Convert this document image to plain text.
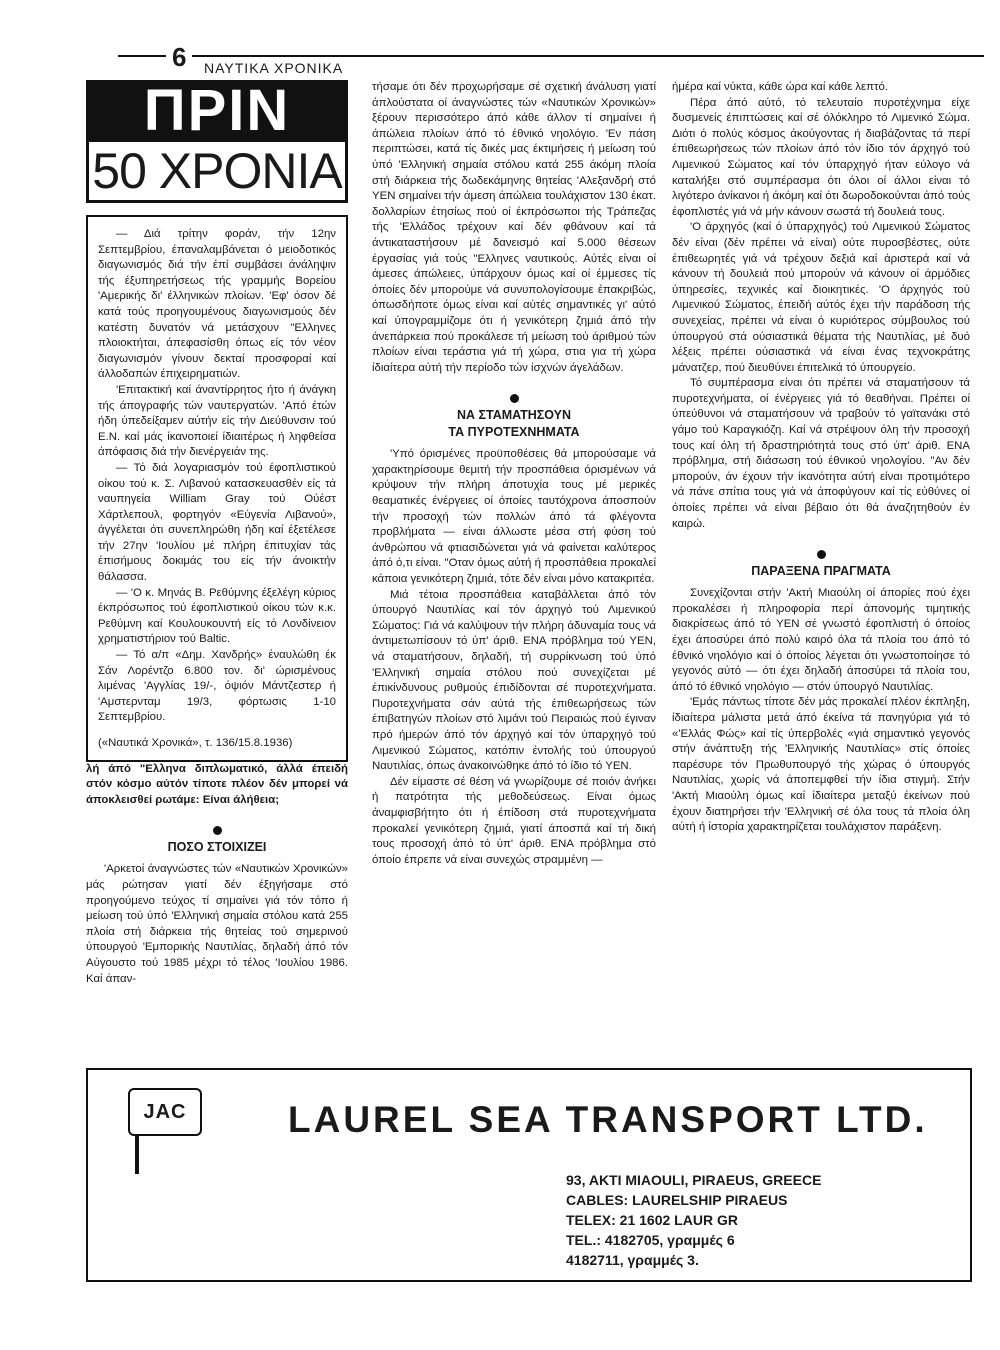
6 ΝΑΥΤΙΚΑ ΧΡΟΝΙΚΑ
ΠΡΙΝ
50 ΧΡΟΝΙΑ

— Διά τρίτην φοράν, τήν 12ην Σεπτεμβρίου, έπαναλαμβάνεται ό μειοδοτικός διαγωνισμός διά τήν έπί συμβάσει άνάληψιν τής έξυπηρετήσεως τής γραμμής Βορείου 'Αμερικής δι' έλληνικών πλοίων. 'Εφ' όσον δέ κατά τούς προηγουμένους διαγωνισμούς δέν κατέστη δυνατόν νά μετάσχουν "Ελληνες πλοιοκτήται, άπεφασίσθη όπως είς τόν νέον διαγωνισμόν γίνουν δεκταί προσφοραί καί άλλοδαπών έπιχειρηματιών.

'Επιτακτική καί άναντίρρητος ήτο ή άνάγκη τής άπογραφής τών ναυτεργατών. 'Από έτών ήδη ύπεδείξαμεν αύτήν είς τήν Διεύθυνσιν τού Ε.Ν. καί μάς ίκανοποιεί ίδιαιτέρως ή ληφθείσα άπόφασις διά τήν διενέργειάν της.

— Τό διά λογαριασμόν τού έφοπλιστικού οίκου τού κ. Σ. Λιβανού κατασκευασθέν είς τά ναυπηγεία William Gray τού Ούέστ Χάρτλεπουλ, φορτηγόν «Εύγενία Λιβανού», άγγέλεται ότι συνεπληρώθη ήδη καί έξετέλεσε τήν 27ην 'Ιουλίου μέ πλήρη έπιτυχίαν τάς έπισήμους δοκιμάς του είς τήν άνοικτήν θάλασσα.

— 'Ο κ. Μηνάς Β. Ρεθύμνης έξελέγη κύριος έκπρόσωπος τού έφοπλιστικού οίκου τών κ.κ. Ρεθύμνη καί Κουλουκουντή είς τό Λονδίνειον χρηματιστήριον τού Baltic.

— Τό α/π «Δημ. Χανδρής» έναυλώθη έκ Σάν Λορέντζο 6.800 τον. δι' ώρισμένους λιμένας 'Αγγλίας 19/-, όψιόν Μάντζεστερ ή 'Αμστερνταμ 19/3, φόρτωσις 1-10 Σεπτεμβρίου.

(«Ναυτικά Χρονικά», τ. 136/15.8.1936)

λή άπό "Ελληνα διπλωματικό, άλλά έπειδή στόν κόσμο αύτόν τίποτε πλέον δέν μπορεί νά άποκλεισθεί ρωτάμε: Είναι άλήθεια;

ΠΟΣΟ ΣΤΟΙΧΙΖΕΙ

'Αρκετοί άναγνώστες τών «Ναυτικών Χρονικών» μάς ρώτησαν γιατί δέν έξηγήσαμε στό προηγούμενο τεύχος τί σημαίνει γιά τόν τόπο ή μείωση τού ύπό 'Ελληνική σημαία στόλου κατά 255 πλοία στή διάρκεια τής θητείας τού σημερινού ύπουργού 'Εμπορικής Ναυτιλίας, δηλαδή άπό τόν Αύγουστο τού 1985 μέχρι τό τέλος 'Ιουλίου 1986. Καί άπαν-

τήσαμε ότι δέν προχωρήσαμε σέ σχετική άνάλυση γιατί άπλούστατα οί άναγνώστες τών «Ναυτικών Χρονικών» ξέρουν περισσότερο άπό κάθε άλλον τί σημαίνει ή άπώλεια πλοίων άπό τό έθνικό νηολόγιο. 'Εν πάση περιπτώσει, κατά τίς δικές μας έκτιμήσεις ή μείωση τού ύπό 'Ελληνική σημαία στόλου κατά 255 άκόμη πλοία στή διάρκεια τής δωδεκάμηνης θητείας 'Αλεξανδρή στό ΥΕΝ σημαίνει τήν άμεση άπώλεια τουλάχιστον 130 έκατ. δολλαρίων έτησίως πού οί έκπρόσωποι τής Τράπεζας τής 'Ελλάδος τρέχουν καί δέν φθάνουν καί τά άντικαταστήσουν μέ δανεισμό καί 5.000 θέσεων έργασίας γιά τούς "Ελληνες ναυτικούς. Αύτές είναι οί άμεσες άπώλειες, ύπάρχουν όμως καί οί έμμεσες τίς όποίες δέν μπορούμε νά συνυπολογίσουμε έπακριβώς, όπωσδήποτε όμως είναι καί αύτές σημαντικές γι' αύτό καί ύπογραμμίζομε ότι ή γενικότερη ζημιά άπό τήν άνεπάρκεια πού προκάλεσε τή μείωση τού άριθμού τών πλοίων είναι τεράστια γιά τή χώρα, στια για τή χώρα ίδιαίτερα αύτή τήν περίοδο τών ίσχνών άγελάδων.

ΝΑ ΣΤΑΜΑΤΗΣΟΥΝ
ΤΑ ΠΥΡΟΤΕΧΝΗΜΑΤΑ

'Υπό όρισμένες προϋποθέσεις θά μπορούσαμε νά χαρακτηρίσουμε θεμιτή τήν προσπάθεια όρισμένων νά κρύψουν τήν πλήρη άποτυχία τους μέ μερικές θεαματικές ένέργειες οί όποίες ταυτόχρονα άποσπούν τήν προσοχή τών πολλών άπό τά φλέγοντα προβλήματα — είναι άλλωστε μέσα στή φύση τού άνθρώπου νά φτιασιδώνεται γιά νά φαίνεται καλύτερος άπό ό,τι είναι. "Οταν όμως αύτή ή προσπάθεια προκαλεί κάποια γενικότερη ζημιά, τότε δέν είναι μόνο κατακριτέα.

Μιά τέτοια προσπάθεια καταβάλλεται άπό τόν ύπουργό Ναυτιλίας καί τόν άρχηγό τού Λιμενικού Σώματος: Γιά νά καλύψουν τήν πλήρη άδυναμία τους νά άντιμετωπίσουν τό ύπ' άριθ. ΕΝΑ πρόβλημα τού ΥΕΝ, νά σταματήσουν, δηλαδή, τή συρρίκνωση τού ύπό 'Ελληνική σημαία στόλου πού συνεχίζεται μέ έπικίνδυνους ρυθμούς έπιδίδονται σέ πυροτεχνήματα. Πυροτεχνήματα σάν αύτά τής έπιθεωρήσεως τών έπιβατηγών πλοίων στό λιμάνι τού Πειραιώς πού έγιναν πρό ήμερών άπό τόν άρχηγό καί τόν ύπαρχηγό τού Λιμενικού Σώματος, κατόπιν έντολής τού ύπουργού Ναυτιλίας, όπως άνακοινώθηκε άπό τό ίδιο τό ΥΕΝ.

Δέν είμαστε σέ θέση νά γνωρίζουμε σέ ποιόν άνήκει ή πατρότητα τής μεθοδεύσεως. Είναι όμως άναμφισβήτητο ότι ή έπίδοση στά πυροτεχνήματα προκαλεί γενικότερη ζημιά, γιατί άποσπά καί τή δική τους προσοχή άπό τό ύπ' άριθ. ΕΝΑ πρόβλημα στό όποίο έπρεπε νά είναι συνεχώς στραμμένη —

ήμέρα καί νύκτα, κάθε ώρα καί κάθε λεπτό.

Πέρα άπό αύτό, τό τελευταίο πυροτέχνημα είχε δυσμενείς έπιπτώσεις καί σέ όλόκληρο τό Λιμενικό Σώμα. Διότι ό πολύς κόσμος άκούγοντας ή διαβάζοντας τά περί έπιθεωρήσεως τών πλοίων άπό τόν ίδιο τόν άρχηγό τού Λιμενικού Σώματος καί τόν ύπαρχηγό ήταν εύλογο νά καταλήξει στό συμπέρασμα ότι όλοι οί άλλοι είναι τό λιγότερο άνίκανοι ή άκόμη καί ότι δωροδοκούνται άπό τούς έφοπλιστές γιά νά μήν κάνουν σωστά τή δουλειά τους.

'Ο άρχηγός (καί ό ύπαρχηγός) τού Λιμενικού Σώματος δέν είναι (δέν πρέπει νά είναι) ούτε πυροσβέστες, ούτε έπιθεωρητές γιά νά τρέχουν δεξιά καί άριστερά καί νά κάνουν τή δουλειά πού μπορούν νά κάνουν οί άρμόδιες ύπηρεσίες, τεχνικές καί διοικητικές. 'Ο άρχηγός τού Λιμενικού Σώματος, έπειδή αύτός έχει τήν παράδοση τής συνεχείας, πρέπει νά είναι ό κυριότερος σύμβουλος τού ύπουργού στά ούσιαστικά θέματα τής Ναυτιλίας, μέ δυό λέξεις πρέπει ούσιαστικά νά είναι ένας τεχνοκράτης μάνατζερ, πού διευθύνει έπιτελικά τό ύπουργείο.

Τό συμπέρασμα είναι ότι πρέπει νά σταματήσουν τά πυροτεχνήματα, οί ένέργειες γιά τό θεαθήναι. Πρέπει οί ύπεύθυνοι νά σταματήσουν νά τραβούν τό γαϊτανάκι στό γάμο τού Καραγκιόζη. Καί νά στρέψουν όλη τήν προσοχή τους καί όλη τή δραστηριότητά τους στό ύπ' άριθ. ΕΝΑ πρόβλημα, στή διάσωση τού έθνικού νηολογίου. "Αν δέν μπορούν, άν έχουν τήν ίκανότητα αύτή είναι προτιμότερο νά πάνε σπίτια τους γιά νά άποφύγουν καί τίς εύθύνες οί όποίες πρέπει νά είναι βέβαιο ότι θά άναζητηθούν έν καιρώ.

ΠΑΡΑΞΕΝΑ ΠΡΑΓΜΑΤΑ

Συνεχίζονται στήν 'Ακτή Μιαούλη οί άπορίες πού έχει προκαλέσει ή πληροφορία περί άπονομής τιμητικής διακρίσεως άπό τό ΥΕΝ σέ γνωστό έφοπλιστή ό όποίος έχει άποσύρει άπό πολύ καιρό όλα τά πλοία του άπό τό έθνικό νηολόγιο καί ό όποίος λέγεται ότι γνωστοποίησε τό γεγονός αύτό — ότι έχει δηλαδή άποσύρει τά πλοία του, άπό τό έθνικό νηολόγιο — στόν ύπουργό Ναυτιλίας.

'Εμάς πάντως τίποτε δέν μάς προκαλεί πλέον έκπληξη, ίδιαίτερα μάλιστα μετά άπό έκείνα τά πανηγύρια γιά τό «'Ελλάς Φώς» καί τίς ύπερβολές «γιά σημαντικό γεγονός στήν άνάπτυξη τής 'Ελληνικής Ναυτιλίας» στίς όποίες παρέσυρε τόν Πρωθυπουργό τής χώρας ό ύπουργός Ναυτιλίας, χωρίς νά άποπεμφθεί τήν ίδια στιγμή. Στήν 'Ακτή Μιαούλη όμως καί ίδιαίτερα μεταξύ έκείνων πού έχουν διατηρήσει τήν 'Ελληνική σέ όλα τους τά πλοία όλη αύτή ή ίστορία χαρακτηρίζεται τουλάχιστον παράξενη.

JAC	LAUREL SEA TRANSPORT LTD.
93, AKTI MIAOULI, PIRAEUS, GREECE
CABLES: LAURELSHIP PIRAEUS
TELEX: 21 1602 LAUR GR
TEL.: 4182705, γραμμές 6
4182711, γραμμές 3.
